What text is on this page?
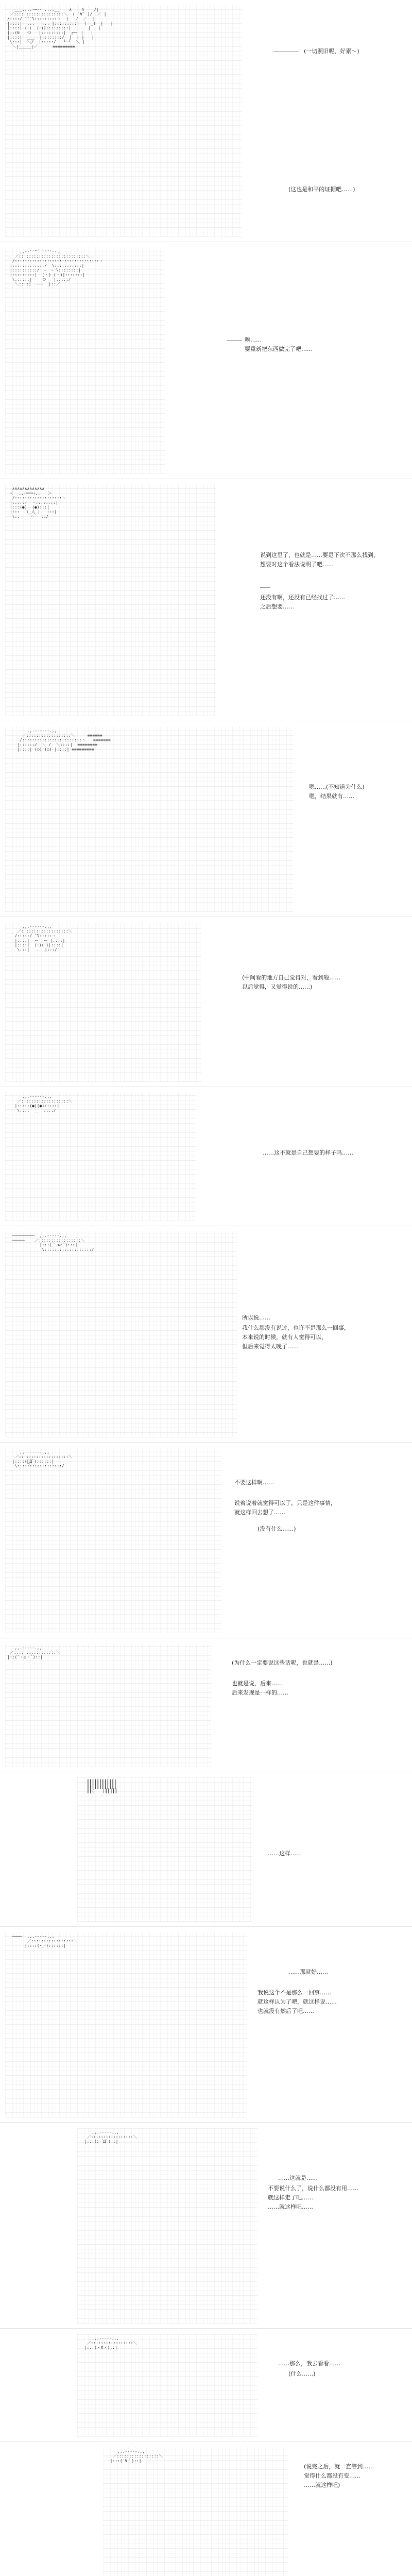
___,,..-─‐- ..,,__    ∧    ∩    /|
／::::::::::::::::::::＼  ( ´∀` )/  ／ |
/::::/ ̄ ̄ ̄ ̄\:::::::::ヽ  |   ﾉ  ／  |
|::::|  ,,,   ,,, |:::::::::|  (＿_)  |   |
|::::| (･)  (･)|:::::::::|       |   |
|::(6   つ   |:::::::::|  ┌─┐ |   |
|::::|  ___  |::::::::/  │  │ |   |
\:::|  ＼/  |:::::/   └─┘  ＼ |
＼|_____|／      ≡≡≡≡≡≡≡≡≡

(一切照旧呢，好累～)

(这也是和平的证据吧……)

,.-‐''"´ ̄`"''‐-.、
／:::::::::::::::::::::::::::＼
/::::::::::::::::::::::::::::::::::ヽ
|:::::::::::::/ ̄ ̄\:::::::::::|
|::::::::::/  ｰ  ｰ \::::::::|
|:::::::::|  (・) (・)|:::::::|
\::::::|    つ   |:::::/
＼::::|  ‐‐‐  |::／

唉……

要重新把东西做完了吧……

∧∧∧∧∧∧∧∧∧∧∧∧∧
＜  ,,ｨ===ｨ,,   ＞
/:::::::::::::::::::ヽ
|:::::ﾉ  ヽ::::::::|
|:::(●)  (●):::|
|:::  （_人_）  :::|
\::   ｀⌒´  ::/

说到这里了，也就是……要是下次不那么找到，

想要对这个看法说明了吧……

还没有啊，还没有已经找过了……

之后想要……

,,.-‐‐‐‐-.,,
／::::::::::::::::::＼     ≡≡≡≡≡≡
/::::::::::::::::::::::::ヽ   ≡≡≡≡≡≡≡
|::::::/  ＼ /  ＼::::|  ≡≡≡≡≡≡≡≡
|::::| (○) (○) |::::| ≡≡≡≡≡≡≡≡≡

嗯……(不知道为什么)

嗯，结果就有……

,,.--‐‐--.,,
／:::::::::::::::::::＼
/:::::/ ̄ ̄\:::::ヽ
|::::|  ー  ー |::::|
|::::|  (･)(･)|::::|
\:::|   ‥  |:::/

(中间看的地方自己觉得对，看到啦……

以后觉得，又觉得说的……)

,,.--‐‐--.,,
／:::::::::::::::::::＼
|:::::(●)(●):::::|
\::::  ﹏  ::::/

……这不就是自己想要的样子吗……

─────────  ,,.-‐‐‐-.,,
─────    ／:::::::::::::::::＼
|:::(｀･ω･´):::|
\:::::::::::::::::::/

所以说……

我什么都没有说过，也许不是那么一回事，

本来说的时候，就有人觉得可以，

但后来觉得太晚了……

,,.-‐‐‐‐-.,,
／::::::::::::::::::::＼
|::::(ﾟДﾟ)::::::|
\::::::::::::::::::/

不要这样啊……

说着说着就觉得可以了，只是这件事情，

就这样回去想了……

(没有什么……)

,,.-‐‐‐-.,,
／:::::::::::::::::＼
|::(´・ω・`)::|

(为什么一定要说这些话呢，也就是……)

也就是说，后来……

后来发现是一样的……

┃┃┃┃┃┃┃┃┃┃┃┃
┃┃┃┃┃┃┃┃┃┃┃┃
┃┃(　　)┃┃┃┃┃

……这样……

────  ,,.-‐‐‐-.,,
／:::::::::::::::::＼
|::::(･_･)::::::|

……那就好……

我说这个不是那么一回事……

就这样认为了吧，就这样说……

也就没有然后了吧……

,,.-‐‐‐-.,,
／:::::::::::::::::＼
|:::(；´Д`)::|

……这就是……

不要说什么了，说什么都没有用……

就这样走了吧……

……就这样吧……

,,.-‐‐‐-.,,
／:::::::::::::::::＼
|:::(・∀・)::|

……那么，我去看看……

(什么……)

,,.-‐‐‐-.,,
／:::::::::::::::::＼
|:::(´∀｀)::|

(说完之后，就一直等到……

觉得什么都没有变……

……就这样吧)
